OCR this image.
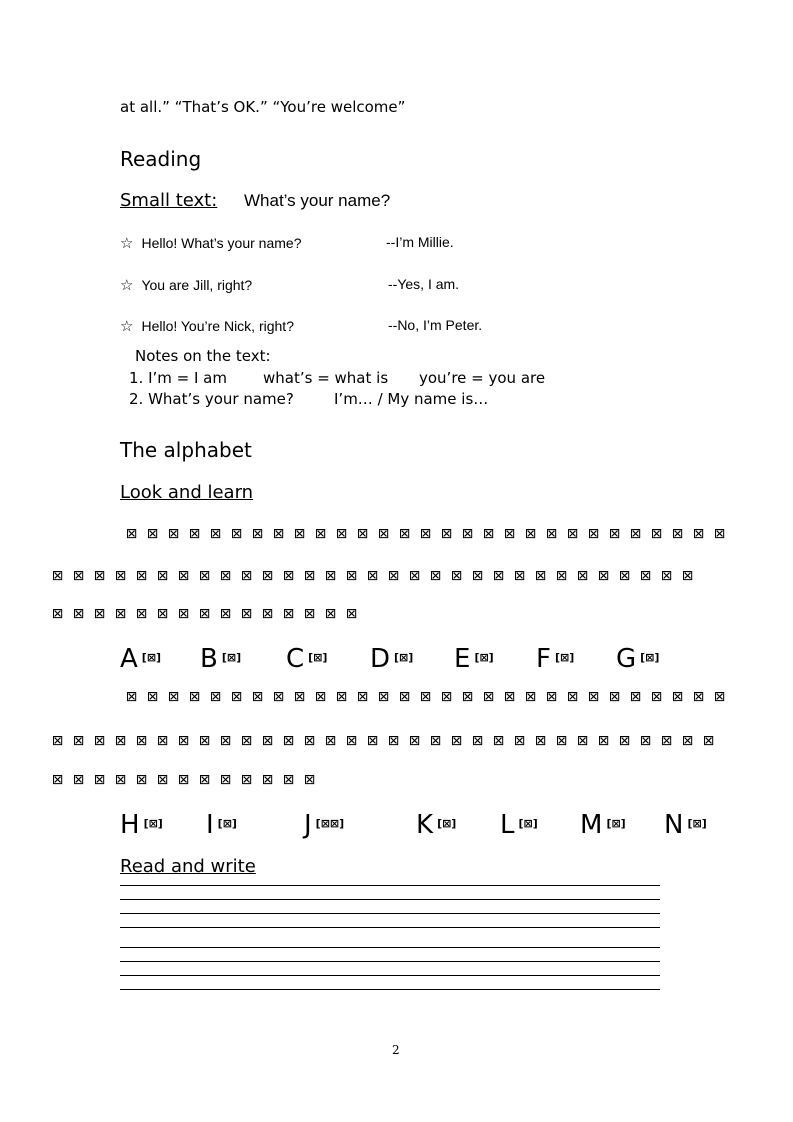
at all.” “That’s OK.” “You’re welcome”
Reading
Small text: What’s your name?
☆ Hello! What’s your name?	--I’m Millie.
☆ You are Jill, right?	--Yes, I am.
☆ Hello! You’re Nick, right?	--No, I’m Peter.
Notes on the text:
1. I’m = I am what’s = what is you’re = you are
2. What’s your name?	I’m… / My name is…
The alphabet
Look and learn
⊠ ⊠ ⊠ ⊠ ⊠ ⊠ ⊠ ⊠ ⊠ ⊠ ⊠ ⊠ ⊠ ⊠ ⊠ ⊠ ⊠ ⊠ ⊠ ⊠ ⊠ ⊠ ⊠ ⊠ ⊠ ⊠ ⊠ ⊠ ⊠
⊠ ⊠ ⊠ ⊠ ⊠ ⊠ ⊠ ⊠ ⊠ ⊠ ⊠ ⊠ ⊠ ⊠ ⊠ ⊠ ⊠ ⊠ ⊠ ⊠ ⊠ ⊠ ⊠ ⊠ ⊠ ⊠ ⊠ ⊠ ⊠ ⊠ ⊠
⊠ ⊠ ⊠ ⊠ ⊠ ⊠ ⊠ ⊠ ⊠ ⊠ ⊠ ⊠ ⊠ ⊠ ⊠
A [⊠] B [⊠] C [⊠] D [⊠] E [⊠] F [⊠] G [⊠]
⊠ ⊠ ⊠ ⊠ ⊠ ⊠ ⊠ ⊠ ⊠ ⊠ ⊠ ⊠ ⊠ ⊠ ⊠ ⊠ ⊠ ⊠ ⊠ ⊠ ⊠ ⊠ ⊠ ⊠ ⊠ ⊠ ⊠ ⊠ ⊠
⊠ ⊠ ⊠ ⊠ ⊠ ⊠ ⊠ ⊠ ⊠ ⊠ ⊠ ⊠ ⊠ ⊠ ⊠ ⊠ ⊠ ⊠ ⊠ ⊠ ⊠ ⊠ ⊠ ⊠ ⊠ ⊠ ⊠ ⊠ ⊠ ⊠ ⊠ ⊠
⊠ ⊠ ⊠ ⊠ ⊠ ⊠ ⊠ ⊠ ⊠ ⊠ ⊠ ⊠ ⊠
H [⊠] I [⊠]	J [⊠⊠]	K [⊠] L [⊠] M [⊠] N [⊠]
Read and write
2
